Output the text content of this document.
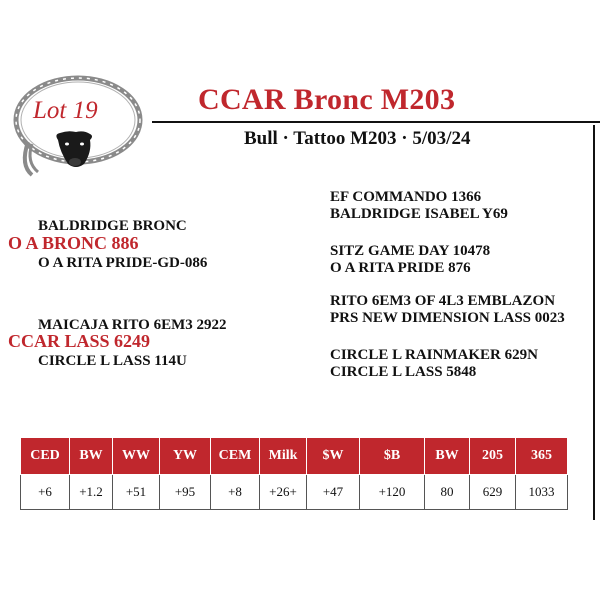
Lot 19	CCAR Bronc M203
Bull · Tattoo M203 · 5/03/24
BALDRIDGE BRONC
O A BRONC 886
O A RITA PRIDE-GD-086
MAICAJA RITO 6EM3 2922
CCAR LASS 6249
CIRCLE L LASS 114U
EF COMMANDO 1366
BALDRIDGE ISABEL Y69
SITZ GAME DAY 10478
O A RITA PRIDE 876
RITO 6EM3 OF 4L3 EMBLAZON
PRS NEW DIMENSION LASS 0023
CIRCLE L RAINMAKER 629N
CIRCLE L LASS 5848
CED	BW	WW	YW	CEM	Milk	$W	$B	BW	205	365
+6	+1.2	+51	+95	+8	+26+	+47	+120	80	629	1033
